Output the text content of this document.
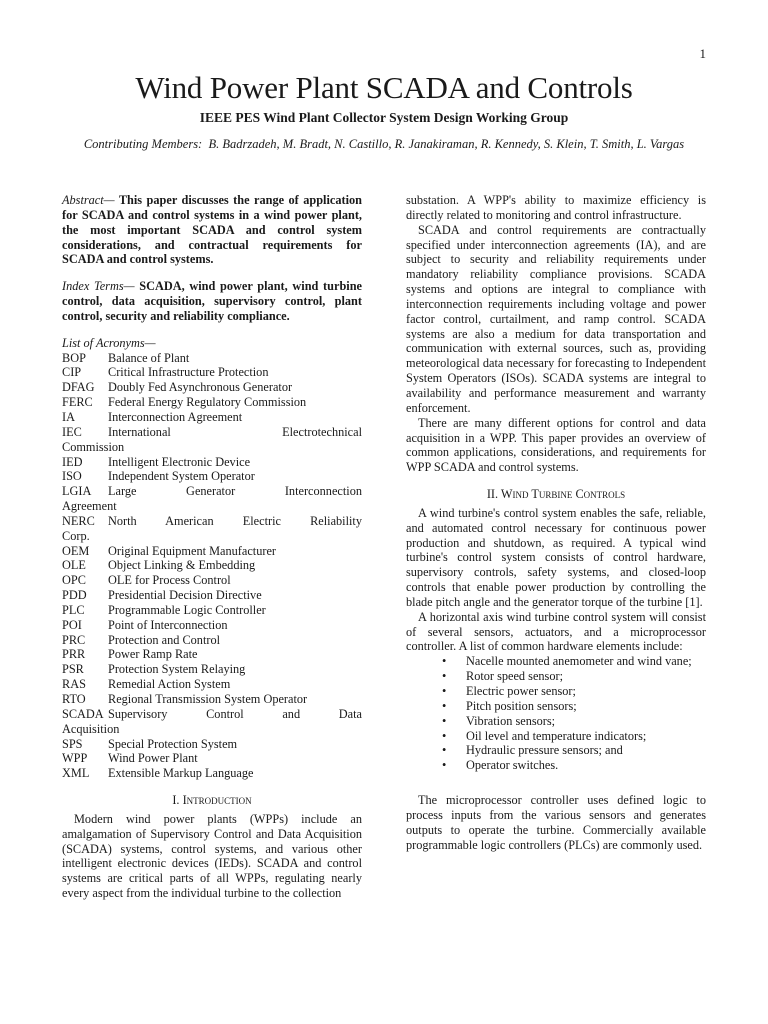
1
Wind Power Plant SCADA and Controls
IEEE PES Wind Plant Collector System Design Working Group
Contributing Members: B. Badrzadeh, M. Bradt, N. Castillo, R. Janakiraman, R. Kennedy, S. Klein, T. Smith, L. Vargas

Abstract— This paper discusses the range of application for SCADA and control systems in a wind power plant, the most important SCADA and control system considerations, and contractual requirements for SCADA and control systems.

Index Terms— SCADA, wind power plant, wind turbine control, data acquisition, supervisory control, plant control, security and reliability compliance.

List of Acronyms—
BOP	Balance of Plant
CIP	Critical Infrastructure Protection
DFAG	Doubly Fed Asynchronous Generator
FERC	Federal Energy Regulatory Commission
IA	Interconnection Agreement
IEC	International Electrotechnical
Commission
IED	Intelligent Electronic Device
ISO	Independent System Operator
LGIA	Large Generator Interconnection
Agreement
NERC	North American Electric Reliability
Corp.
OEM	Original Equipment Manufacturer
OLE	Object Linking & Embedding
OPC	OLE for Process Control
PDD	Presidential Decision Directive
PLC	Programmable Logic Controller
POI	Point of Interconnection
PRC	Protection and Control
PRR	Power Ramp Rate
PSR	Protection System Relaying
RAS	Remedial Action System
RTO	Regional Transmission System Operator
SCADA Supervisory Control and Data
Acquisition
SPS	Special Protection System
WPP	Wind Power Plant
XML	Extensible Markup Language
I. Introduction

Modern wind power plants (WPPs) include an amalgamation of Supervisory Control and Data Acquisition (SCADA) systems, control systems, and various other intelligent electronic devices (IEDs). SCADA and control systems are critical parts of all WPPs, regulating nearly every aspect from the individual turbine to the collection

substation. A WPP's ability to maximize efficiency is directly related to monitoring and control infrastructure.

SCADA and control requirements are contractually specified under interconnection agreements (IA), and are subject to security and reliability requirements under mandatory reliability compliance provisions. SCADA systems and options are integral to compliance with interconnection requirements including voltage and power factor control, curtailment, and ramp control. SCADA systems are also a medium for data transportation and communication with external sources, such as, providing meteorological data necessary for forecasting to Independent System Operators (ISOs). SCADA systems are integral to availability and performance measurement and warranty enforcement.

There are many different options for control and data acquisition in a WPP. This paper provides an overview of common applications, considerations, and requirements for WPP SCADA and control systems.

II. Wind Turbine Controls

A wind turbine's control system enables the safe, reliable, and automated control necessary for continuous power production and shutdown, as required. A typical wind turbine's control system consists of control hardware, supervisory controls, safety systems, and closed-loop controls that enable power production by controlling the blade pitch angle and the generator torque of the turbine [1].

A horizontal axis wind turbine control system will consist of several sensors, actuators, and a microprocessor controller. A list of common hardware elements include:

• Nacelle mounted anemometer and wind vane;
• Rotor speed sensor;
• Electric power sensor;
• Pitch position sensors;
• Vibration sensors;
• Oil level and temperature indicators;
• Hydraulic pressure sensors; and
• Operator switches.

The microprocessor controller uses defined logic to process inputs from the various sensors and generates outputs to operate the turbine. Commercially available programmable logic controllers (PLCs) are commonly used.
